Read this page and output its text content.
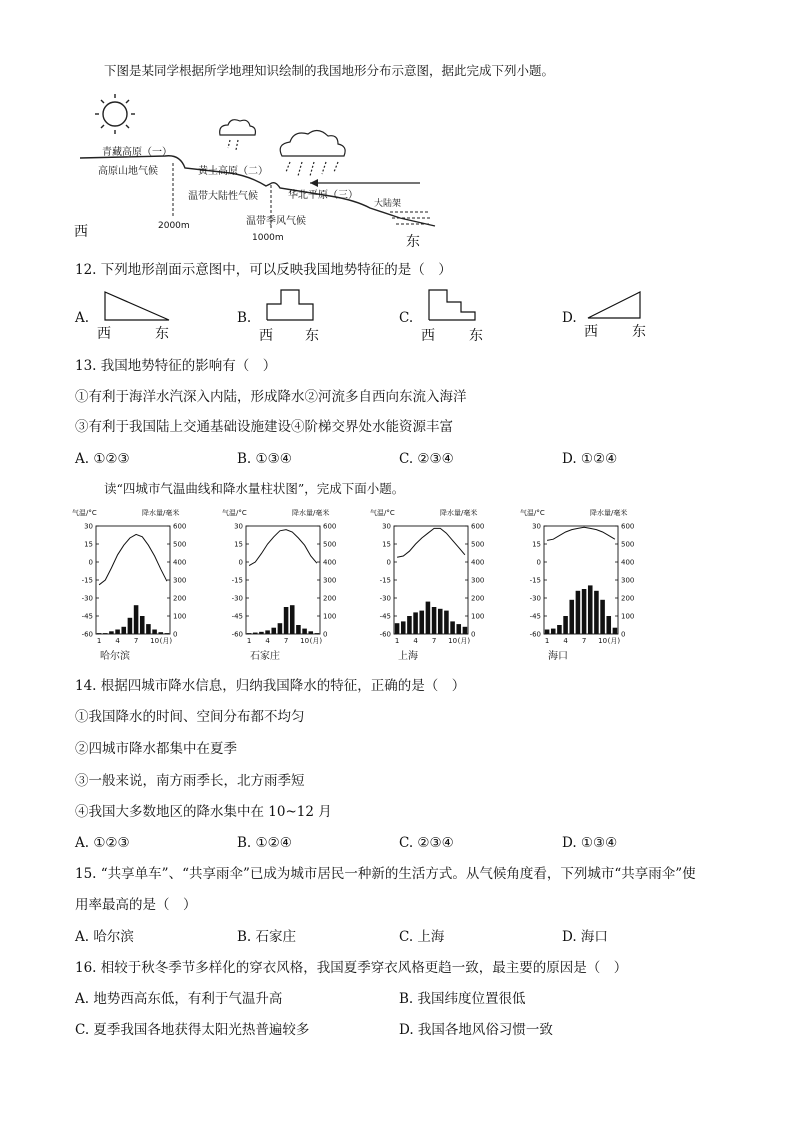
下图是某同学根据所学地理知识绘制的我国地形分布示意图，据此完成下列小题。
青藏高原（一）
高原山地气候	黄土高原（二）
温带大陆性气候	华北平原（三）
温带季风气候
大陆架
2000m
1000m
西
东
12. 下列地形剖面示意图中，可以反映我国地势特征的是（　）
A.
西	东
B.
西 东
C.
西 东
D.
西 东
13. 我国地势特征的影响有（　）
①有利于海洋水汽深入内陆，形成降水②河流多自西向东流入海洋
③有利于我国陆上交通基础设施建设④阶梯交界处水能资源丰富
A. ①②③	B. ①③④	C. ②③④	D. ①②④
读“四城市气温曲线和降水量柱状图”，完成下面小题。
气温/°C	降水量/毫米
30
15
0
-15
-30
-45
-60
600
500
400
300
200
100
0
1 4 7 10 (月)
哈尔滨
气温/°C	降水量/毫米
30
15
0
-15
-30
-45
-60
600
500
400
300
200
100
0
1 4 7 10 (月)
石家庄
气温/°C	降水量/毫米
30
15
0
-15
-30
-45
-60
600
500
400
300
200
100
0
1 4 7 10 (月)
上海
气温/°C	降水量/毫米
30
15
0
-15
-30
-45
-60
600
500
400
300
200
100
0
1 4 7 10 (月)
海口
14. 根据四城市降水信息，归纳我国降水的特征，正确的是（　）
①我国降水的时间、空间分布都不均匀
②四城市降水都集中在夏季
③一般来说，南方雨季长，北方雨季短
④我国大多数地区的降水集中在 10~12 月
A. ①②③	B. ①②④	C. ②③④	D. ①③④
15. “共享单车”、“共享雨伞”已成为城市居民一种新的生活方式。从气候角度看，下列城市“共享雨伞”使
用率最高的是（　）
A. 哈尔滨	B. 石家庄	C. 上海	D. 海口
16. 相较于秋冬季节多样化的穿衣风格，我国夏季穿衣风格更趋一致，最主要的原因是（　）
A. 地势西高东低，有利于气温升高	B. 我国纬度位置很低
C. 夏季我国各地获得太阳光热普遍较多	D. 我国各地风俗习惯一致
